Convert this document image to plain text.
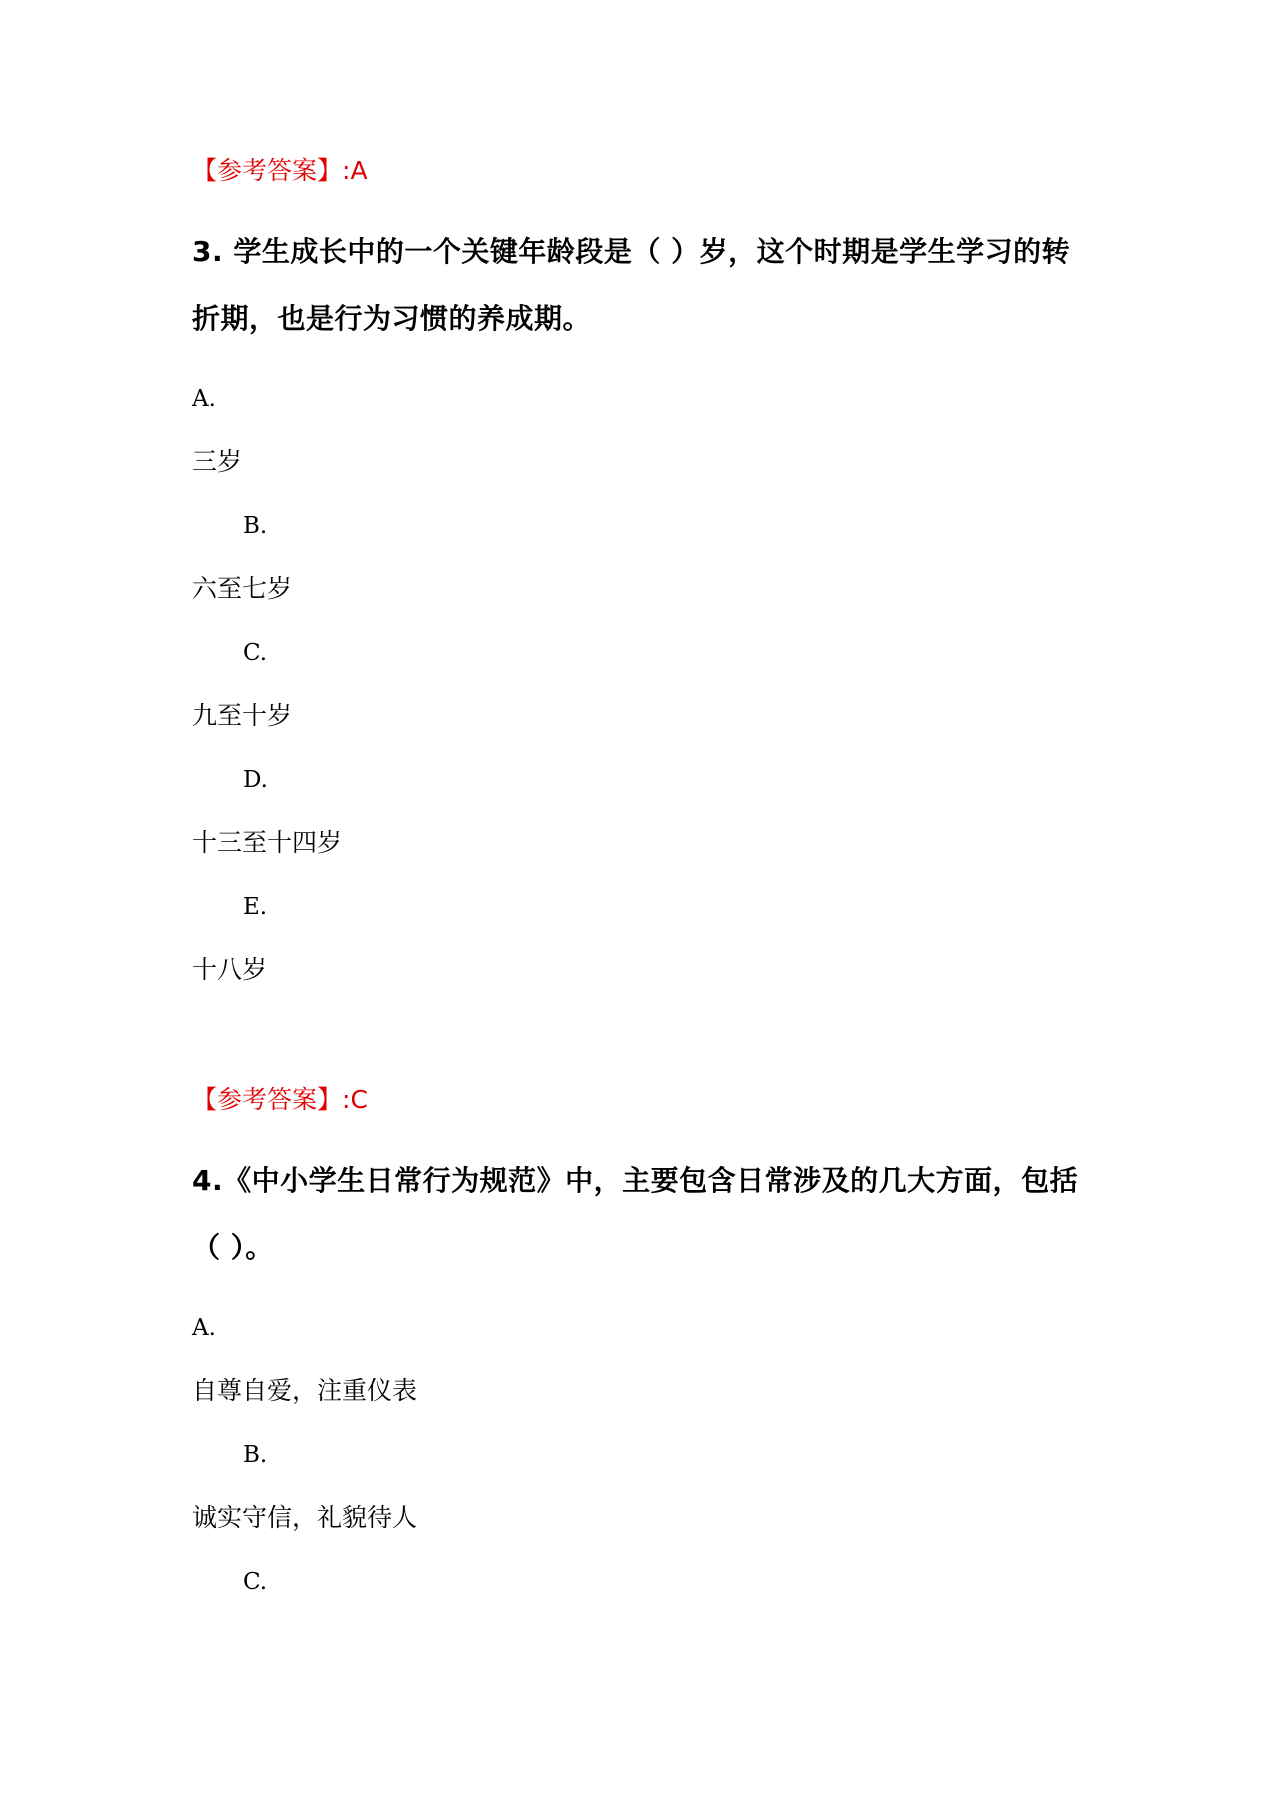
【参考答案】:A
3. 学生成长中的一个关键年龄段是（ ）岁，这个时期是学生学习的转
折期，也是行为习惯的养成期。
A.
三岁
B.
六至七岁
C.
九至十岁
D.
十三至十四岁
E.
十八岁
【参考答案】:C
4.《中小学生日常行为规范》中，主要包含日常涉及的几大方面，包括
（ ）。
A.
自尊自爱，注重仪表
B.
诚实守信，礼貌待人
C.
